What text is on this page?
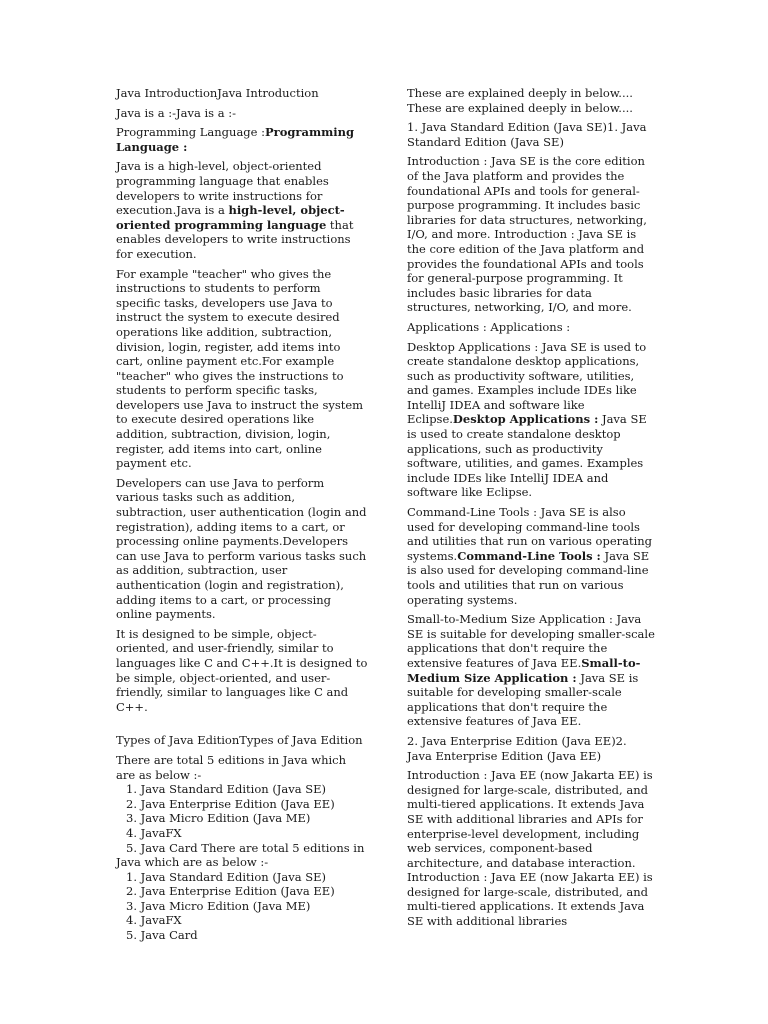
Java IntroductionJava Introduction

Java is a :-Java is a :-

Programming Language :Programming Language :

Java is a high-level, object-oriented programming language that enables developers to write instructions for execution.Java is a high-level, object-oriented programming language that enables developers to write instructions for execution.

For example "teacher" who gives the instructions to students to perform specific tasks, developers use Java to instruct the system to execute desired operations like addition, subtraction, division, login, register, add items into cart, online payment etc.For example "teacher" who gives the instructions to students to perform specific tasks, developers use Java to instruct the system to execute desired operations like addition, subtraction, division, login, register, add items into cart, online payment etc.

Developers can use Java to perform various tasks such as addition, subtraction, user authentication (login and registration), adding items to a cart, or processing online payments.Developers can use Java to perform various tasks such as addition, subtraction, user authentication (login and registration), adding items to a cart, or processing online payments.

It is designed to be simple, object-oriented, and user-friendly, similar to languages like C and C++.It is designed to be simple, object-oriented, and user-friendly, similar to languages like C and C++.

Types of Java EditionTypes of Java Edition

There are total 5 editions in Java which are as below :-

1. Java Standard Edition (Java SE)
2. Java Enterprise Edition (Java EE)
3. Java Micro Edition (Java ME)
4. JavaFX
5. Java Card There are total 5 editions in Java which are as below :-
1. Java Standard Edition (Java SE)
2. Java Enterprise Edition (Java EE)
3. Java Micro Edition (Java ME)
4. JavaFX
5. Java Card

These are explained deeply in below.... These are explained deeply in below....

1. Java Standard Edition (Java SE)1. Java Standard Edition (Java SE)

Introduction : Java SE is the core edition of the Java platform and provides the foundational APIs and tools for general-purpose programming. It includes basic libraries for data structures, networking, I/O, and more. Introduction : Java SE is the core edition of the Java platform and provides the foundational APIs and tools for general-purpose programming. It includes basic libraries for data structures, networking, I/O, and more.

Applications : Applications :

Desktop Applications : Java SE is used to create standalone desktop applications, such as productivity software, utilities, and games. Examples include IDEs like IntelliJ IDEA and software like Eclipse.Desktop Applications : Java SE is used to create standalone desktop applications, such as productivity software, utilities, and games. Examples include IDEs like IntelliJ IDEA and software like Eclipse.

Command-Line Tools : Java SE is also used for developing command-line tools and utilities that run on various operating systems.Command-Line Tools : Java SE is also used for developing command-line tools and utilities that run on various operating systems.

Small-to-Medium Size Application : Java SE is suitable for developing smaller-scale applications that don't require the extensive features of Java EE.Small-to-Medium Size Application : Java SE is suitable for developing smaller-scale applications that don't require the extensive features of Java EE.

2. Java Enterprise Edition (Java EE)2. Java Enterprise Edition (Java EE)

Introduction : Java EE (now Jakarta EE) is designed for large-scale, distributed, and multi-tiered applications. It extends Java SE with additional libraries and APIs for enterprise-level development, including web services, component-based architecture, and database interaction. Introduction : Java EE (now Jakarta EE) is designed for large-scale, distributed, and multi-tiered applications. It extends Java SE with additional libraries
